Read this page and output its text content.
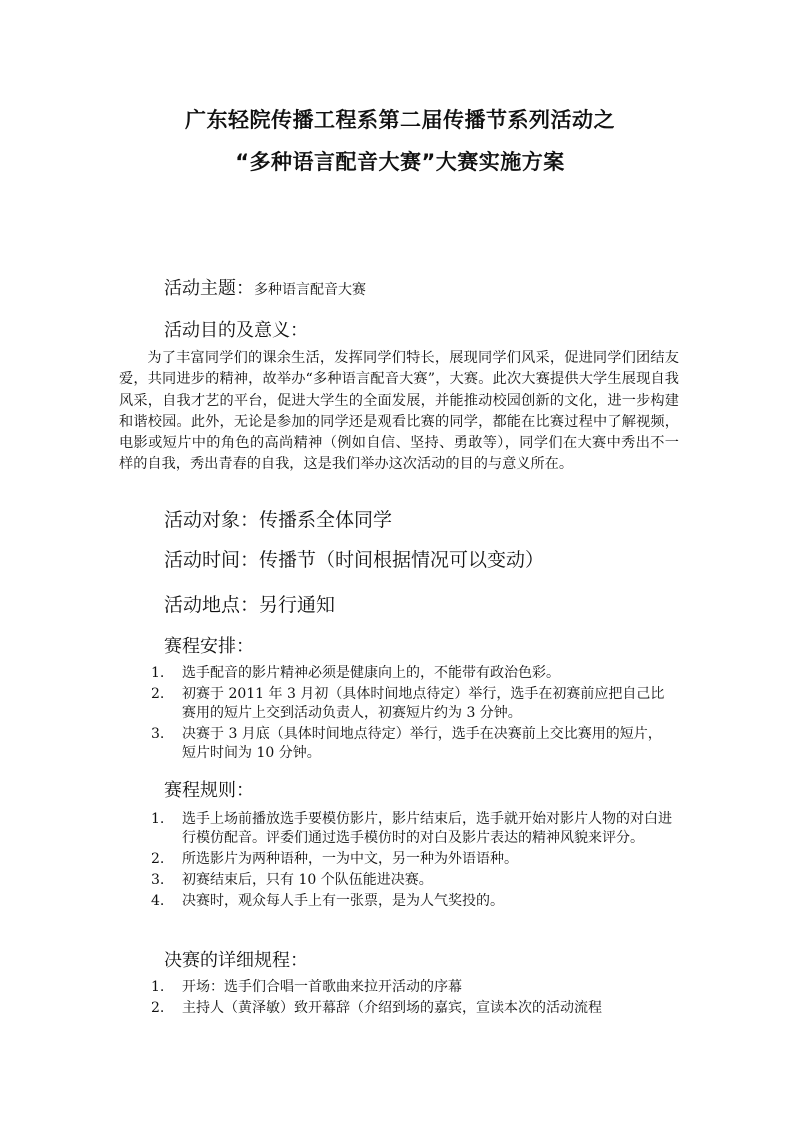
广东轻院传播工程系第二届传播节系列活动之
“多种语言配音大赛”大赛实施方案
活动主题：多种语言配音大赛
活动目的及意义：
为了丰富同学们的课余生活，发挥同学们特长，展现同学们风采，促进同学们团结友爱，共同进步的精神，故举办“多种语言配音大赛”，大赛。此次大赛提供大学生展现自我风采，自我才艺的平台，促进大学生的全面发展，并能推动校园创新的文化，进一步构建和谐校园。此外，无论是参加的同学还是观看比赛的同学，都能在比赛过程中了解视频，电影或短片中的角色的高尚精神（例如自信、坚持、勇敢等），同学们在大赛中秀出不一样的自我，秀出青春的自我，这是我们举办这次活动的目的与意义所在。
活动对象：传播系全体同学
活动时间：传播节（时间根据情况可以变动）
活动地点：另行通知
赛程安排：
1. 选手配音的影片精神必须是健康向上的，不能带有政治色彩。
2. 初赛于 2011 年 3 月初（具体时间地点待定）举行，选手在初赛前应把自己比赛用的短片上交到活动负责人，初赛短片约为 3 分钟。
3. 决赛于 3 月底（具体时间地点待定）举行，选手在决赛前上交比赛用的短片，短片时间为 10 分钟。
赛程规则：
1. 选手上场前播放选手要模仿影片，影片结束后，选手就开始对影片人物的对白进行模仿配音。评委们通过选手模仿时的对白及影片表达的精神风貌来评分。
2. 所选影片为两种语种，一为中文，另一种为外语语种。
3. 初赛结束后，只有 10 个队伍能进决赛。
4. 决赛时，观众每人手上有一张票，是为人气奖投的。
决赛的详细规程：
1. 开场：选手们合唱一首歌曲来拉开活动的序幕
2. 主持人（黄泽敏）致开幕辞（介绍到场的嘉宾，宣读本次的活动流程
